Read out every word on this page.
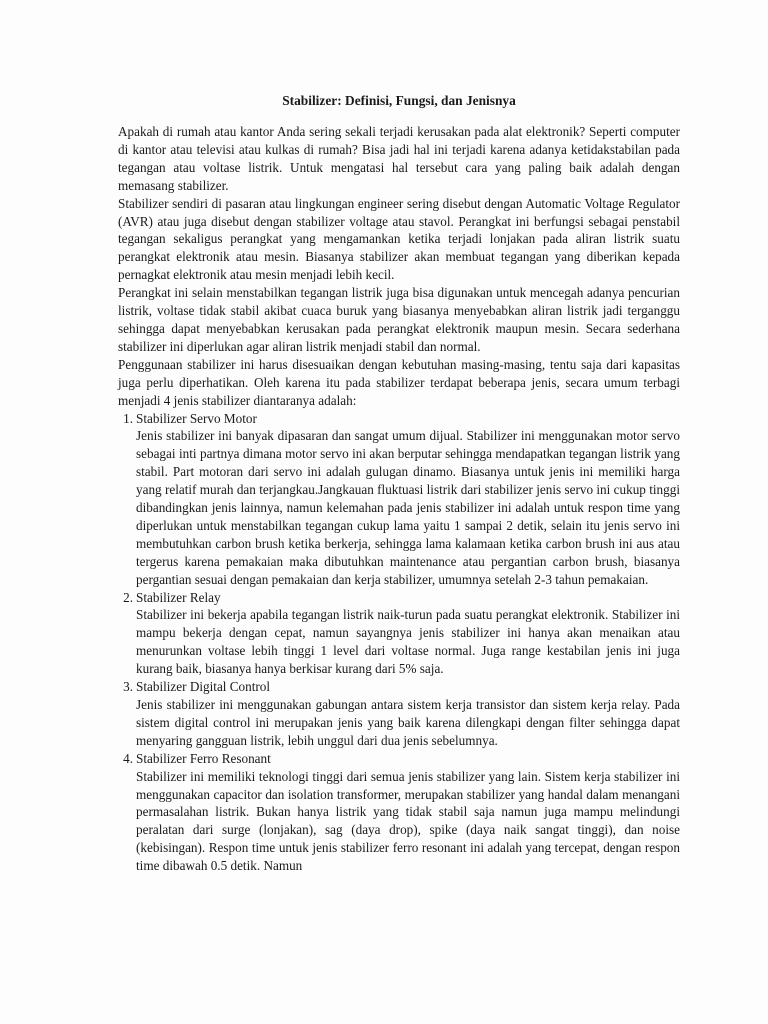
Stabilizer: Definisi, Fungsi, dan Jenisnya

Apakah di rumah atau kantor Anda sering sekali terjadi kerusakan pada alat elektronik? Seperti computer di kantor atau televisi atau kulkas di rumah? Bisa jadi hal ini terjadi karena adanya ketidakstabilan pada tegangan atau voltase listrik. Untuk mengatasi hal tersebut cara yang paling baik adalah dengan memasang stabilizer.

Stabilizer sendiri di pasaran atau lingkungan engineer sering disebut dengan Automatic Voltage Regulator (AVR) atau juga disebut dengan stabilizer voltage atau stavol. Perangkat ini berfungsi sebagai penstabil tegangan sekaligus perangkat yang mengamankan ketika terjadi lonjakan pada aliran listrik suatu perangkat elektronik atau mesin. Biasanya stabilizer akan membuat tegangan yang diberikan kepada pernagkat elektronik atau mesin menjadi lebih kecil.

Perangkat ini selain menstabilkan tegangan listrik juga bisa digunakan untuk mencegah adanya pencurian listrik, voltase tidak stabil akibat cuaca buruk yang biasanya menyebabkan aliran listrik jadi terganggu sehingga dapat menyebabkan kerusakan pada perangkat elektronik maupun mesin. Secara sederhana stabilizer ini diperlukan agar aliran listrik menjadi stabil dan normal.

Penggunaan stabilizer ini harus disesuaikan dengan kebutuhan masing-masing, tentu saja dari kapasitas juga perlu diperhatikan. Oleh karena itu pada stabilizer terdapat beberapa jenis, secara umum terbagi menjadi 4 jenis stabilizer diantaranya adalah:

1. Stabilizer Servo Motor
Jenis stabilizer ini banyak dipasaran dan sangat umum dijual. Stabilizer ini menggunakan motor servo sebagai inti partnya dimana motor servo ini akan berputar sehingga mendapatkan tegangan listrik yang stabil. Part motoran dari servo ini adalah gulugan dinamo. Biasanya untuk jenis ini memiliki harga yang relatif murah dan terjangkau.Jangkauan fluktuasi listrik dari stabilizer jenis servo ini cukup tinggi dibandingkan jenis lainnya, namun kelemahan pada jenis stabilizer ini adalah untuk respon time yang diperlukan untuk menstabilkan tegangan cukup lama yaitu 1 sampai 2 detik, selain itu jenis servo ini membutuhkan carbon brush ketika berkerja, sehingga lama kalamaan ketika carbon brush ini aus atau tergerus karena pemakaian maka dibutuhkan maintenance atau pergantian carbon brush, biasanya pergantian sesuai dengan pemakaian dan kerja stabilizer, umumnya setelah 2-3 tahun pemakaian.
2. Stabilizer Relay
Stabilizer ini bekerja apabila tegangan listrik naik-turun pada suatu perangkat elektronik. Stabilizer ini mampu bekerja dengan cepat, namun sayangnya jenis stabilizer ini hanya akan menaikan atau menurunkan voltase lebih tinggi 1 level dari voltase normal. Juga range kestabilan jenis ini juga kurang baik, biasanya hanya berkisar kurang dari 5% saja.
3. Stabilizer Digital Control
Jenis stabilizer ini menggunakan gabungan antara sistem kerja transistor dan sistem kerja relay. Pada sistem digital control ini merupakan jenis yang baik karena dilengkapi dengan filter sehingga dapat menyaring gangguan listrik, lebih unggul dari dua jenis sebelumnya.
4. Stabilizer Ferro Resonant
Stabilizer ini memiliki teknologi tinggi dari semua jenis stabilizer yang lain. Sistem kerja stabilizer ini menggunakan capacitor dan isolation transformer, merupakan stabilizer yang handal dalam menangani permasalahan listrik. Bukan hanya listrik yang tidak stabil saja namun juga mampu melindungi peralatan dari surge (lonjakan), sag (daya drop), spike (daya naik sangat tinggi), dan noise (kebisingan). Respon time untuk jenis stabilizer ferro resonant ini adalah yang tercepat, dengan respon time dibawah 0.5 detik. Namun
